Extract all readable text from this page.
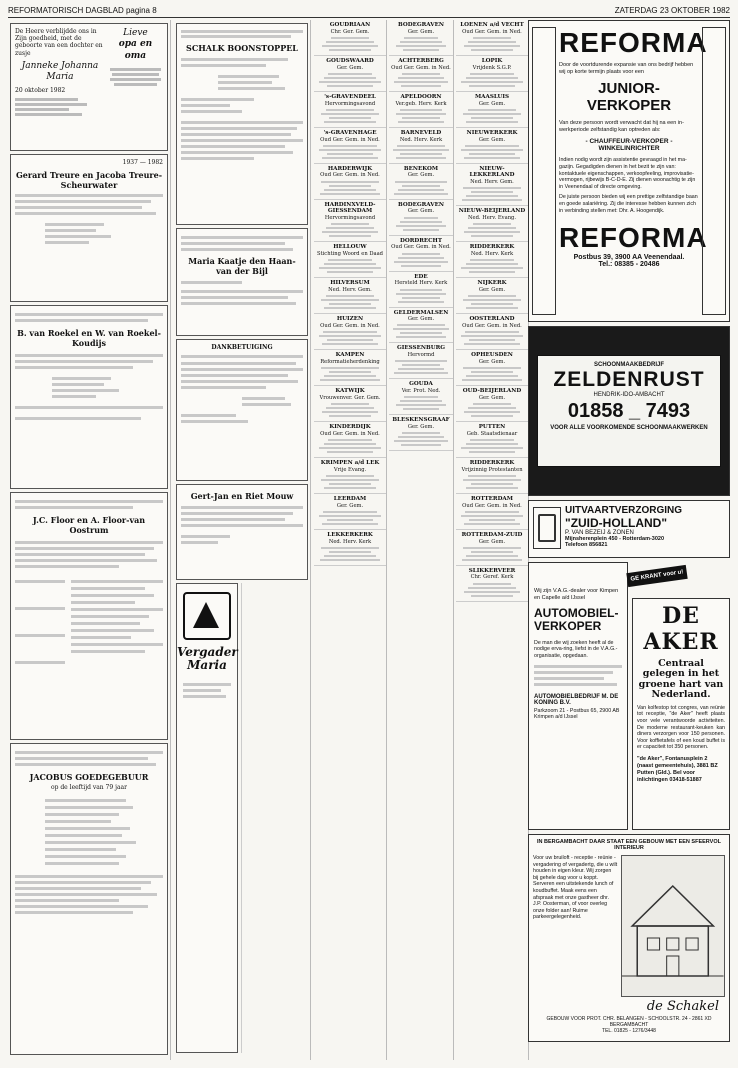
REFORMATORISCH DAGBLAD pagina 8	ZATERDAG 23 OKTOBER 1982
De Heere verblijdde ons in Zijn goedheid, met de geboorte van een dochter en zusje
Janneke Johanna Maria
20 oktober 1982
Lieve
opa en oma
1937 — 1982
Gerard Treure en Jacoba Treure-Scheurwater
B. van Roekel en W. van Roekel-Koudijs
J.C. Floor en A. Floor-van Oostrum
JACOBUS GOEDEGEBUUR
op de leeftijd van 79 jaar
SCHALK BOONSTOPPEL
Maria Kaatje den Haan-van der Bijl
DANKBETUIGING
Gert-Jan en Riet Mouw
Vergader Maria
GOUDRIAAN
Chr. Ger. Gem.
GOUDSWAARD
Ger. Gem.
's-GRAVENDEEL
Hervormingsavond
's-GRAVENHAGE
Oud Ger. Gem. in Ned.
HARDERWIJK
Oud Ger. Gem. in Ned.
HARDINXVELD-GIESSENDAM
Hervormingsavond
HELLOUW
Stichting Woord en Daad
HILVERSUM
Ned. Herv. Gem.
HUIZEN
Oud Ger. Gem. in Ned.
KAMPEN
Reformatieherdenking
KATWIJK
Vrouwenver. Ger. Gem.
KINDERDIJK
Oud Ger. Gem. in Ned.
KRIMPEN a/d LEK
Vrije Evang.
LEERDAM
Ger. Gem.
LEKKERKERK
Ned. Herv. Kerk
BODEGRAVEN
Ger. Gem.
ACHTERBERG
Oud Ger. Gem. in Ned.
APELDOORN
Ver.geb. Herv. Kerk
BARNEVELD
Ned. Herv. Kerk
BENEKOM
Ger. Gem.
BODEGRAVEN
Ger. Gem.
DORDRECHT
Oud Ger. Gem. in Ned.
EDE
Hersteld Herv. Kerk
GELDERMALSEN
Ger. Gem.
GIESSENBURG
Hervormd
GOUDA
Ver. Prot. Ned.
BLESKENSGRAAF
Ger. Gem.
LOENEN a/d VECHT
Oud Ger. Gem. in Ned.
LOPIK
Vrijdenk S.G.P.
MAASLUIS
Ger. Gem.
NIEUWERKERK
Ger. Gem.
NIEUW-LEKKERLAND
Ned. Herv. Gem.
NIEUW-BEIJERLAND
Ned. Herv. Evang.
RIDDERKERK
Ned. Herv. Kerk
NIJKERK
Ger. Gem.
OOSTERLAND
Oud Ger. Gem. in Ned.
OPHEUSDEN
Ger. Gem.
OUD-BEIJERLAND
Ger. Gem.
PUTTEN
Geb. Staatsdienaar
RIDDERKERK
Vrijzinnig Protestanten
ROTTERDAM
Oud Ger. Gem. in Ned.
ROTTERDAM-ZUID
Ger. Gem.
SLIKKERVEER
Chr. Geref. Kerk
REFORMA
Door de voortdurende expansie van ons bedrijf hebben wij op korte termijn plaats voor een
JUNIOR-VERKOPER
Van deze persoon wordt verwacht dat hij na een in-werkperiode zelfstandig kan optreden als:
- CHAUFFEUR-VERKOPER - WINKELINRICHTER
Indien nodig wordt zijn assistentie gevraagd in het ma-gazijn. Gegadigden dienen in het bezit te zijn van: kontaktuele eigenschappen, verkoopfeeling, improvisatie-vermogen, rijbewijs B-C-D-E. Zij dienen woonachtig te zijn in Veenendaal of directe omgeving.
De juiste persoon bieden wij een prettige zelfstandige baan en goede salariëring. Zij die interesse hebben kunnen zich in verbinding stellen met: Dhr. A. Hoogendijk.
REFORMA
Postbus 39, 3900 AA Veenendaal.
Tel.: 08385 - 20486
SCHOONMAAKBEDRIJF
ZELDENRUST
HENDRIK-IDO-AMBACHT
01858 _ 7493
VOOR ALLE VOORKOMENDE SCHOONMAAKWERKEN
UITVAARTVERZORGING
"ZUID-HOLLAND"
P. VAN BEZEIJ & ZONEN
Mijnsherenplein 450 - Rotterdam-3020
Telefoon 856821
GE KRANT voor u!
Wij zijn V.A.G.-dealer voor Kimpen en Capelle a/d IJssel
AUTOMOBIEL-VERKOPER
De man die wij zoeken heeft al de nodige erva-ring, liefst in de V.A.G.-organisatie, opgedaan.
AUTOMOBIELBEDRIJF M. DE KONING B.V.
Parkzoom 21 - Postbus 65, 2900 AB Krimpen a/d IJssel
DE AKER
Centraal gelegen in het groene hart van Nederland.
Van kolfestop tot congres, van reünie tot receptie, "de Aker" heeft plaats voor vele verantwoorde activiteiten. De moderne restaurant-keuken kan diners verzorgen voor 150 personen. Voor koffietafels of een koud buffet is er capaciteit tot 350 personen.
"de Aker", Fontanusplein 2 (naast gemeentehuis), 3881 BZ Putten (Gld.). Bel voor inlichtingen 03418-51887
IN BERGAMBACHT DAAR STAAT EEN GEBOUW MET EEN SFEERVOL INTERIEUR
Voor uw bruiloft - receptie - reünie - vergadering of vergadertg, die u wilt houden in eigen kleur. Wij zorgen bij gehele dag voor u koppt. Serveren een uitstekende lunch of koudbuffet. Maak eens een afspraak met onze gastheer dhr. J.P. Oosterman, of voor overleg onze folder aan! Ruime parkeergelegenheid.
de Schakel
GEBOUW VOOR PROT. CHR. BELANGEN - SCHOOLSTR. 24 - 2861 XD BERGAMBACHT
TEL. 01825 - 1276/3448
